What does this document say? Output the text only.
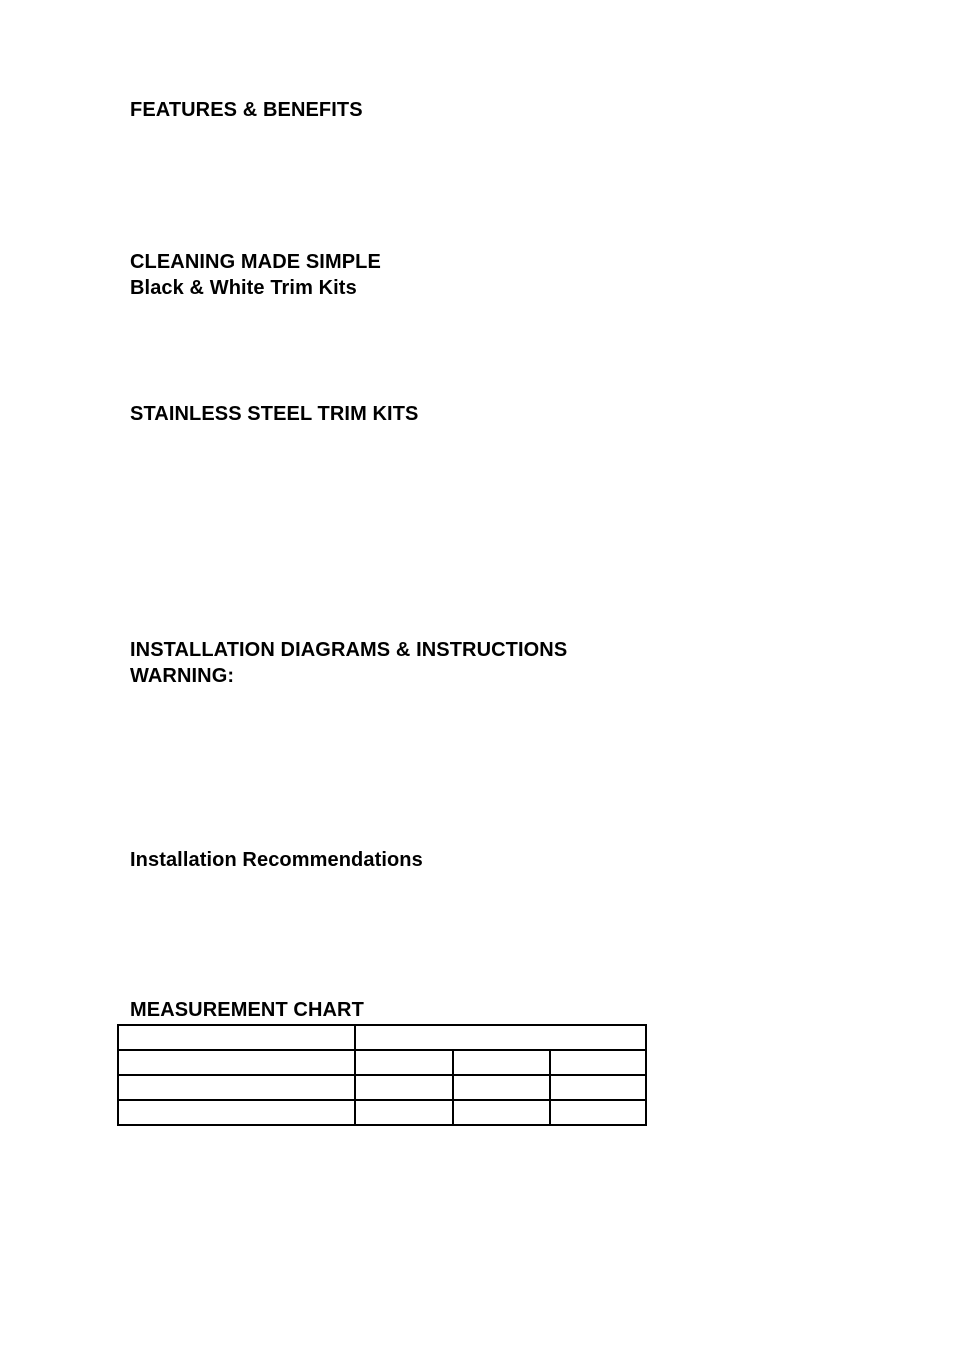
FEATURES & BENEFITS
CLEANING MADE SIMPLE
Black & White Trim Kits
STAINLESS STEEL TRIM KITS
INSTALLATION DIAGRAMS & INSTRUCTIONS
WARNING:
Installation Recommendations
MEASUREMENT CHART
